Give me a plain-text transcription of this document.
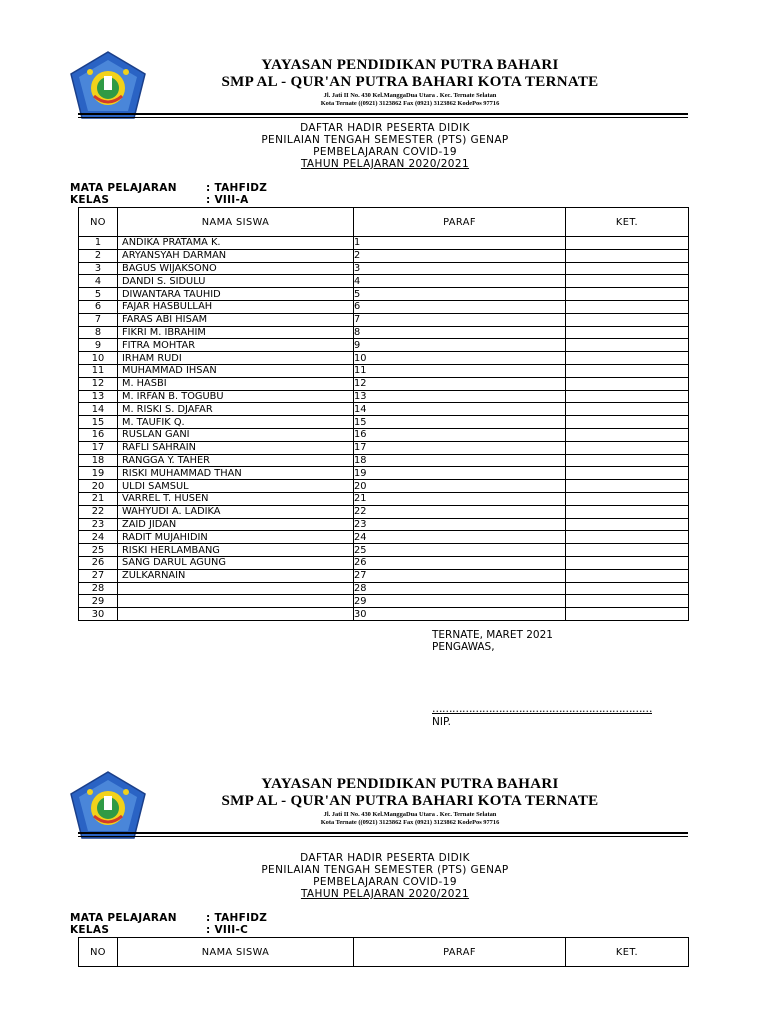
YAYASAN PENDIDIKAN PUTRA BAHARI
SMP AL - QUR'AN PUTRA BAHARI KOTA TERNATE
Jl. Jati II No. 430 Kel.ManggaDua Utara . Kec. Ternate Selatan
Kota Ternate ((0921) 3123862 Fax (0921) 3123862 KodePos 97716
DAFTAR HADIR PESERTA DIDIK
PENILAIAN TENGAH SEMESTER (PTS) GENAP
PEMBELAJARAN COVID-19
TAHUN PELAJARAN 2020/2021
MATA PELAJARAN	: TAHFIDZ
KELAS	: VIII-A
NO	NAMA SISWA	PARAF	KET.
1	ANDIKA PRATAMA K.	1	
2	ARYANSYAH DARMAN	2	
3	BAGUS WIJAKSONO	3	
4	DANDI S. SIDULU	4	
5	DIWANTARA TAUHID	5	
6	FAJAR HASBULLAH	6	
7	FARAS ABI HISAM	7	
8	FIKRI M. IBRAHIM	8	
9	FITRA MOHTAR	9	
10	IRHAM RUDI	10	
11	MUHAMMAD IHSAN	11	
12	M. HASBI	12	
13	M. IRFAN B. TOGUBU	13	
14	M. RISKI S. DJAFAR	14	
15	M. TAUFIK Q.	15	
16	RUSLAN GANI	16	
17	RAFLI SAHRAIN	17	
18	RANGGA Y. TAHER	18	
19	RISKI MUHAMMAD THAN	19	
20	ULDI SAMSUL	20	
21	VARREL T. HUSEN	21	
22	WAHYUDI A. LADIKA	22	
23	ZAID JIDAN	23	
24	RADIT MUJAHIDIN	24	
25	RISKI HERLAMBANG	25	
26	SANG DARUL AGUNG	26	
27	ZULKARNAIN	27	
28		28	
29		29	
30		30	
TERNATE, MARET 2021
PENGAWAS,
…………………………………………………………
NIP.
YAYASAN PENDIDIKAN PUTRA BAHARI
SMP AL - QUR'AN PUTRA BAHARI KOTA TERNATE
Jl. Jati II No. 430 Kel.ManggaDua Utara . Kec. Ternate Selatan
Kota Ternate ((0921) 3123862 Fax (0921) 3123862 KodePos 97716
DAFTAR HADIR PESERTA DIDIK
PENILAIAN TENGAH SEMESTER (PTS) GENAP
PEMBELAJARAN COVID-19
TAHUN PELAJARAN 2020/2021
MATA PELAJARAN	: TAHFIDZ
KELAS	: VIII-C
NO	NAMA SISWA	PARAF	KET.
